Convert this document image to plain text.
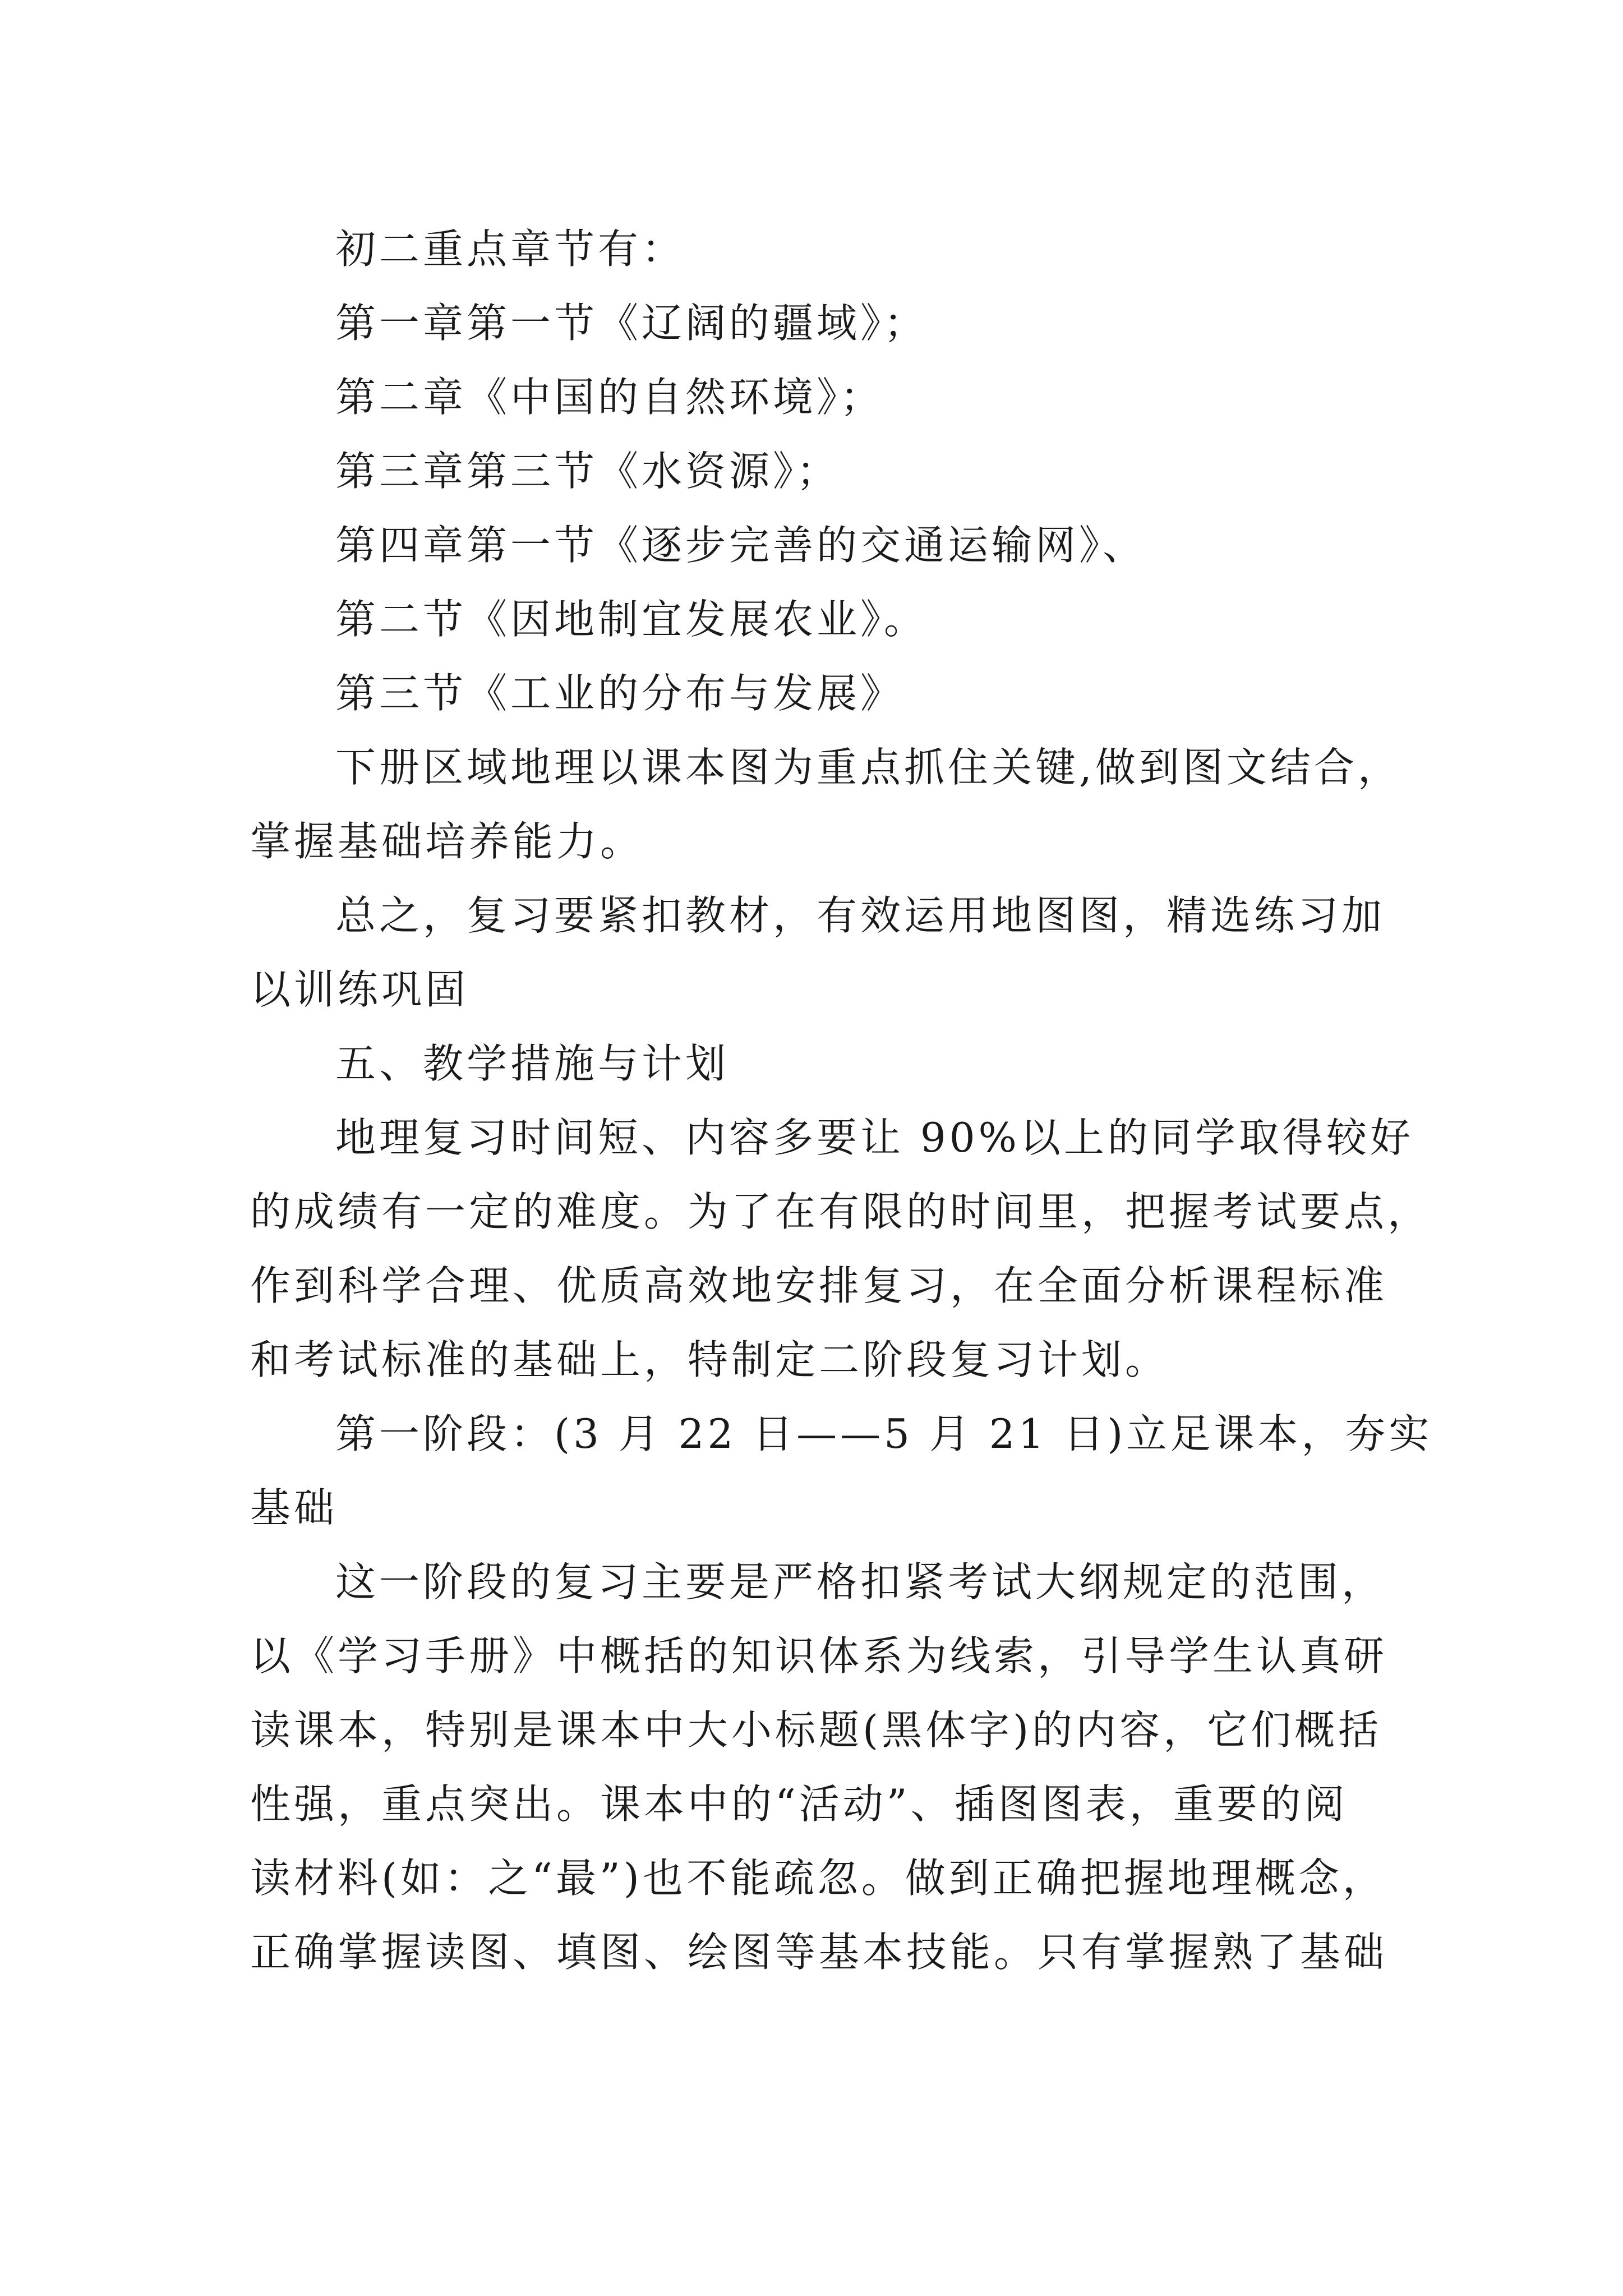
初二重点章节有：
第一章第一节《辽阔的疆域》；
第二章《中国的自然环境》；
第三章第三节《水资源》；
第四章第一节《逐步完善的交通运输网》、
第二节《因地制宜发展农业》。
第三节《工业的分布与发展》
下册区域地理以课本图为重点抓住关键,做到图文结合，
掌握基础培养能力。
总之，复习要紧扣教材，有效运用地图图，精选练习加
以训练巩固
五、教学措施与计划
地理复习时间短、内容多要让 90%以上的同学取得较好
的成绩有一定的难度。为了在有限的时间里，把握考试要点，
作到科学合理、优质高效地安排复习，在全面分析课程标准
和考试标准的基础上，特制定二阶段复习计划。
第一阶段：(3 月 22 日——5 月 21 日)立足课本，夯实
基础
这一阶段的复习主要是严格扣紧考试大纲规定的范围，
以《学习手册》中概括的知识体系为线索，引导学生认真研
读课本，特别是课本中大小标题(黑体字)的内容，它们概括
性强，重点突出。课本中的“活动”、插图图表，重要的阅
读材料(如：之“最”)也不能疏忽。做到正确把握地理概念，
正确掌握读图、填图、绘图等基本技能。只有掌握熟了基础
